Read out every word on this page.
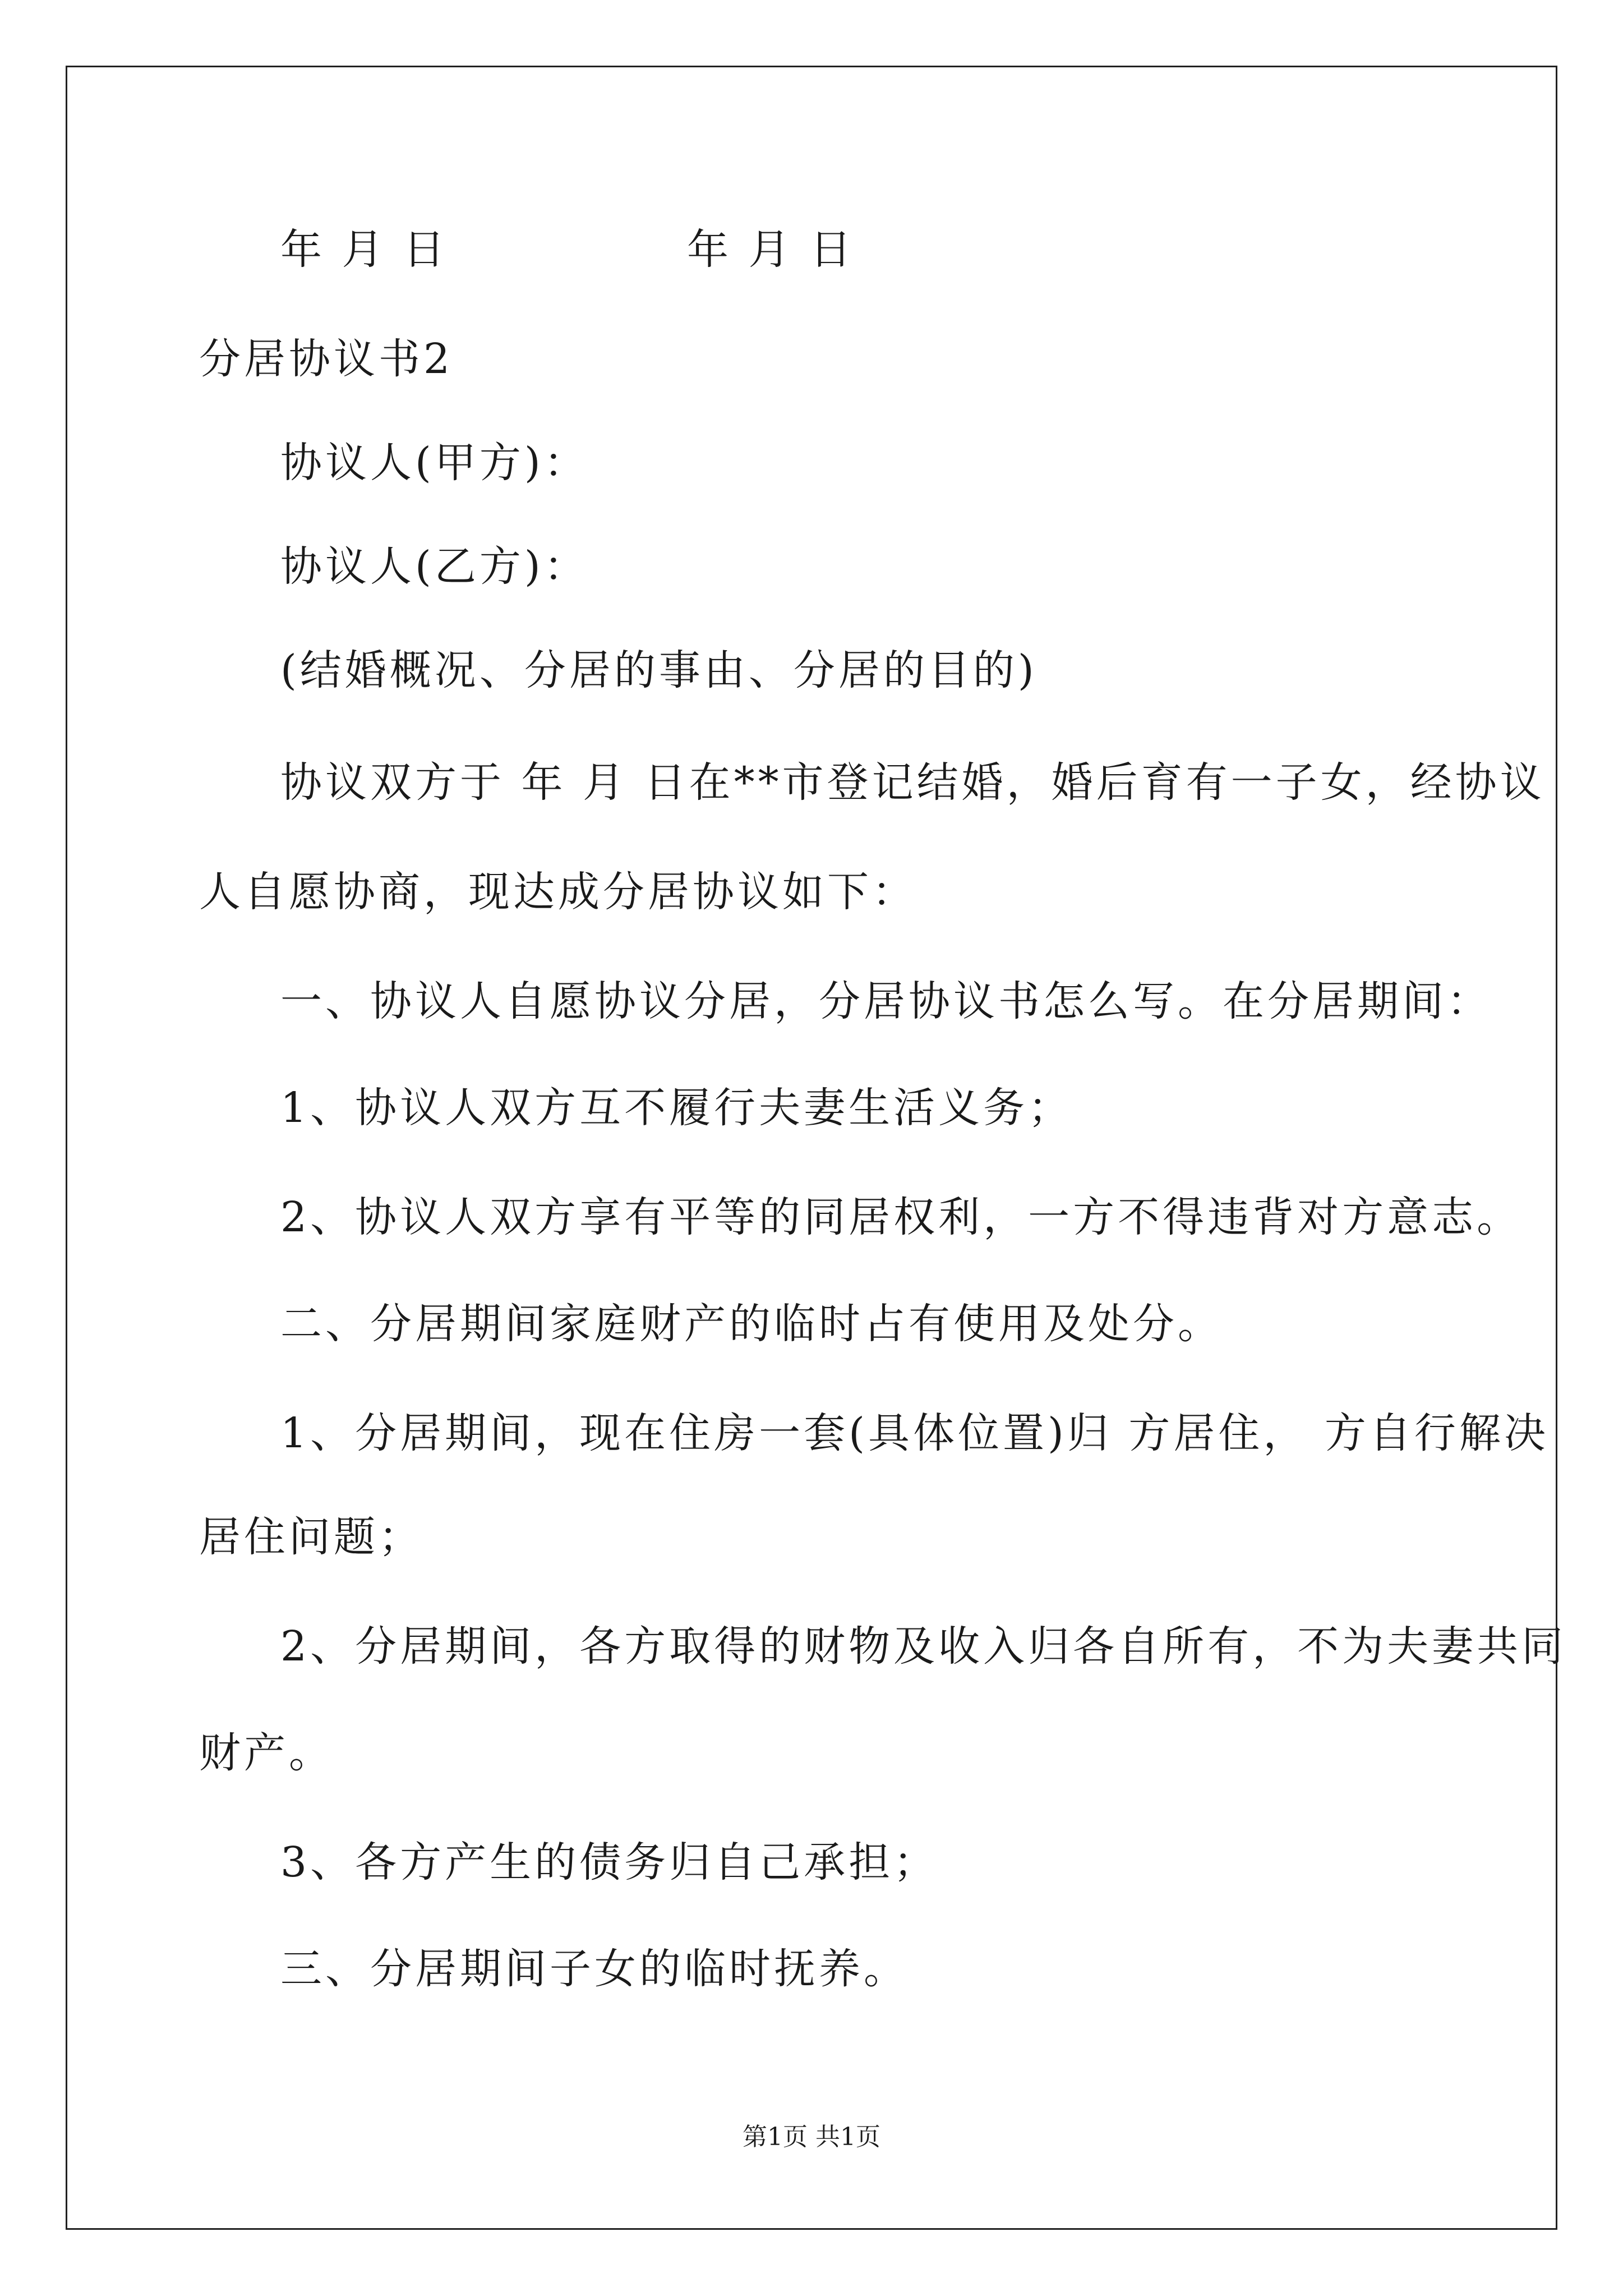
年 月 日	年 月 日

分居协议书2

协议人(甲方)：

协议人(乙方)：

(结婚概况、分居的事由、分居的目的)

协议双方于 年 月 日在**市登记结婚，婚后育有一子女，经协议

人自愿协商，现达成分居协议如下：

一、协议人自愿协议分居，分居协议书怎么写。在分居期间：

1、协议人双方互不履行夫妻生活义务；

2、协议人双方享有平等的同居权利，一方不得违背对方意志。

二、分居期间家庭财产的临时占有使用及处分。

1、分居期间，现在住房一套(具体位置)归 方居住， 方自行解决

居住问题；

2、分居期间，各方取得的财物及收入归各自所有，不为夫妻共同

财产。

3、各方产生的债务归自己承担；

三、分居期间子女的临时抚养。

第1页 共1页
